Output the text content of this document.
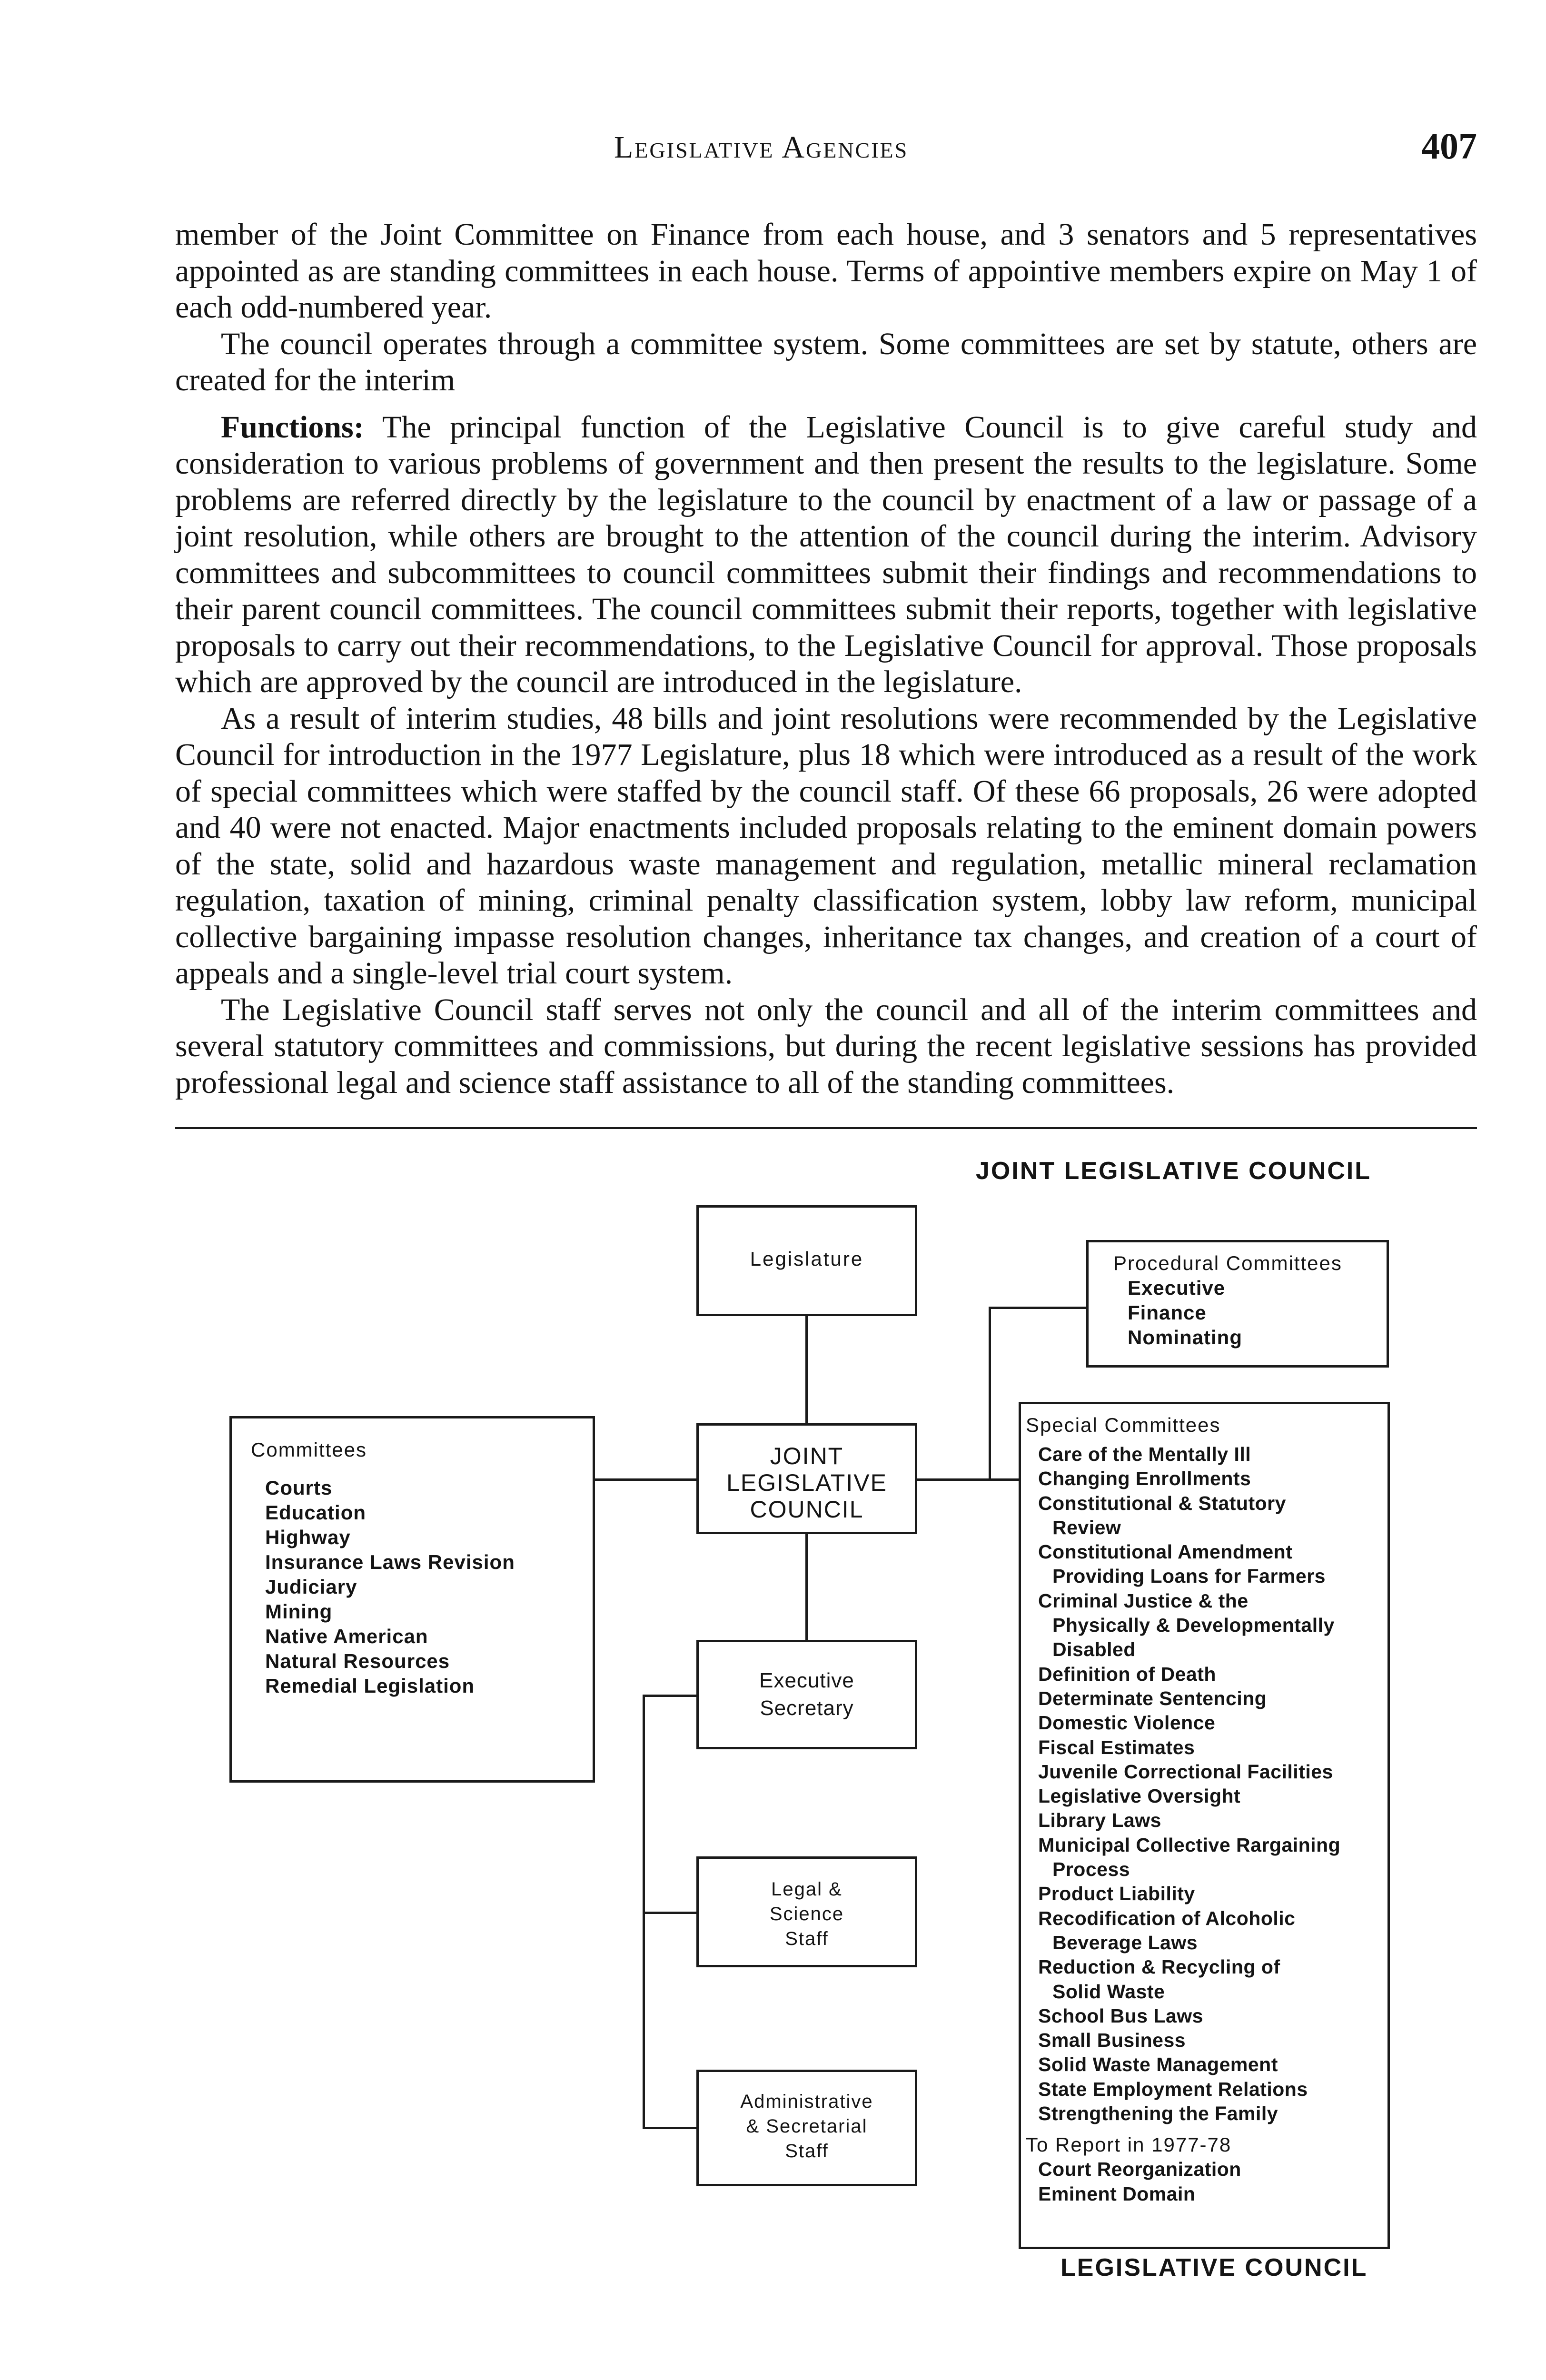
Legislative Agencies	407

member of the Joint Committee on Finance from each house, and 3 senators and 5 representatives appointed as are standing committees in each house. Terms of appointive members expire on May 1 of each odd-numbered year.

The council operates through a committee system. Some committees are set by statute, others are created for the interim

Functions: The principal function of the Legislative Council is to give careful study and consideration to various problems of government and then present the results to the legislature. Some problems are referred directly by the legislature to the council by enactment of a law or passage of a joint resolution, while others are brought to the attention of the council during the interim. Advisory committees and subcommittees to council committees submit their findings and recommendations to their parent council committees. The council committees submit their reports, together with legislative proposals to carry out their recommendations, to the Legislative Council for approval. Those proposals which are approved by the council are introduced in the legislature.

As a result of interim studies, 48 bills and joint resolutions were recommended by the Legislative Council for introduction in the 1977 Legislature, plus 18 which were introduced as a result of the work of special committees which were staffed by the council staff. Of these 66 proposals, 26 were adopted and 40 were not enacted. Major enactments included proposals relating to the eminent domain powers of the state, solid and hazardous waste management and regulation, metallic mineral reclamation regulation, taxation of mining, criminal penalty classification system, lobby law reform, municipal collective bargaining impasse resolution changes, inheritance tax changes, and creation of a court of appeals and a single-level trial court system.

The Legislative Council staff serves not only the council and all of the interim committees and several statutory committees and commissions, but during the recent legislative sessions has provided professional legal and science staff assistance to all of the standing committees.

JOINT LEGISLATIVE COUNCIL
Legislature
JOINT
LEGISLATIVE
COUNCIL
Executive
Secretary
Legal &
Science
Staff
Administrative
& Secretarial
Staff
Committees
Courts
Education
Highway
Insurance Laws Revision
Judiciary
Mining
Native American
Natural Resources
Remedial Legislation
Procedural Committees
Executive
Finance
Nominating
Special Committees
Care of the Mentally Ill
Changing Enrollments
Constitutional & Statutory
Review
Constitutional Amendment
Providing Loans for Farmers
Criminal Justice & the
Physically & Developmentally
Disabled
Definition of Death
Determinate Sentencing
Domestic Violence
Fiscal Estimates
Juvenile Correctional Facilities
Legislative Oversight
Library Laws
Municipal Collective Rargaining
Process
Product Liability
Recodification of Alcoholic
Beverage Laws
Reduction & Recycling of
Solid Waste
School Bus Laws
Small Business
Solid Waste Management
State Employment Relations
Strengthening the Family
To Report in 1977-78
Court Reorganization
Eminent Domain
LEGISLATIVE COUNCIL
